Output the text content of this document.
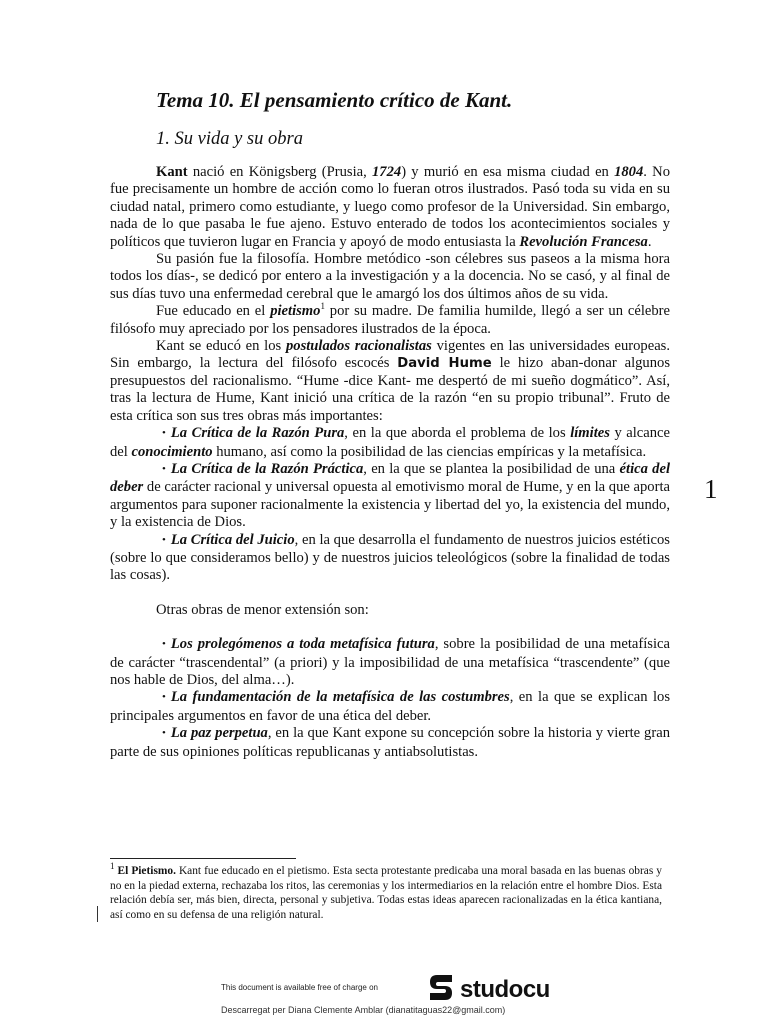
Tema 10. El pensamiento crítico de Kant.
1. Su vida y su obra

Kant nació en Königsberg (Prusia, 1724) y murió en esa misma ciudad en 1804. No fue precisamente un hombre de acción como lo fueran otros ilustrados. Pasó toda su vida en su ciudad natal, primero como estudiante, y luego como profesor de la Universidad. Sin embargo, nada de lo que pasaba le fue ajeno. Estuvo enterado de todos los acontecimientos sociales y políticos que tuvieron lugar en Francia y apoyó de modo entusiasta la Revolución Francesa.

Su pasión fue la filosofía. Hombre metódico -son célebres sus paseos a la misma hora todos los días-, se dedicó por entero a la investigación y a la docencia. No se casó, y al final de sus días tuvo una enfermedad cerebral que le amargó los dos últimos años de su vida.

Fue educado en el pietismo$^1$ por su madre. De familia humilde, llegó a ser un célebre filósofo muy apreciado por los pensadores ilustrados de la época.

Kant se educó en los postulados racionalistas vigentes en las universidades europeas. Sin embargo, la lectura del filósofo escocés David Hume le hizo aban-donar algunos presupuestos del racionalismo. “Hume -dice Kant- me despertó de mi sueño dogmático”. Así, tras la lectura de Hume, Kant inició una crítica de la razón “en su propio tribunal”. Fruto de esta crítica son sus tres obras más importantes:

• La Crítica de la Razón Pura, en la que aborda el problema de los límites y alcance del conocimiento humano, así como la posibilidad de las ciencias empíricas y la metafísica.

• La Crítica de la Razón Práctica, en la que se plantea la posibilidad de una ética del deber de carácter racional y universal opuesta al emotivismo moral de Hume, y en la que aporta argumentos para suponer racionalmente la existencia y libertad del yo, la existencia del mundo, y la existencia de Dios.

• La Crítica del Juicio, en la que desarrolla el fundamento de nuestros juicios estéticos (sobre lo que consideramos bello) y de nuestros juicios teleológicos (sobre la finalidad de todas las cosas).

Otras obras de menor extensión son:

• Los prolegómenos a toda metafísica futura, sobre la posibilidad de una metafísica de carácter “trascendental” (a priori) y la imposibilidad de una metafísica “trascendente” (que nos hable de Dios, del alma…).

• La fundamentación de la metafísica de las costumbres, en la que se explican los principales argumentos en favor de una ética del deber.

• La paz perpetua, en la que Kant expone su concepción sobre la historia y vierte gran parte de sus opiniones políticas republicanas y antiabsolutistas.

1
$^1$ El Pietismo. Kant fue educado en el pietismo. Esta secta protestante predicaba una moral basada en las buenas obras y no en la piedad externa, rechazaba los ritos, las ceremonias y los intermediarios en la relación entre el hombre Dios. Esta relación debía ser, más bien, directa, personal y subjetiva. Todas estas ideas aparecen racionalizadas en la ética kantiana, así como en su defensa de una religión natural.
This document is available free of charge on	studocu
Descarregat per Diana Clemente Amblar (dianatitaguas22@gmail.com)
